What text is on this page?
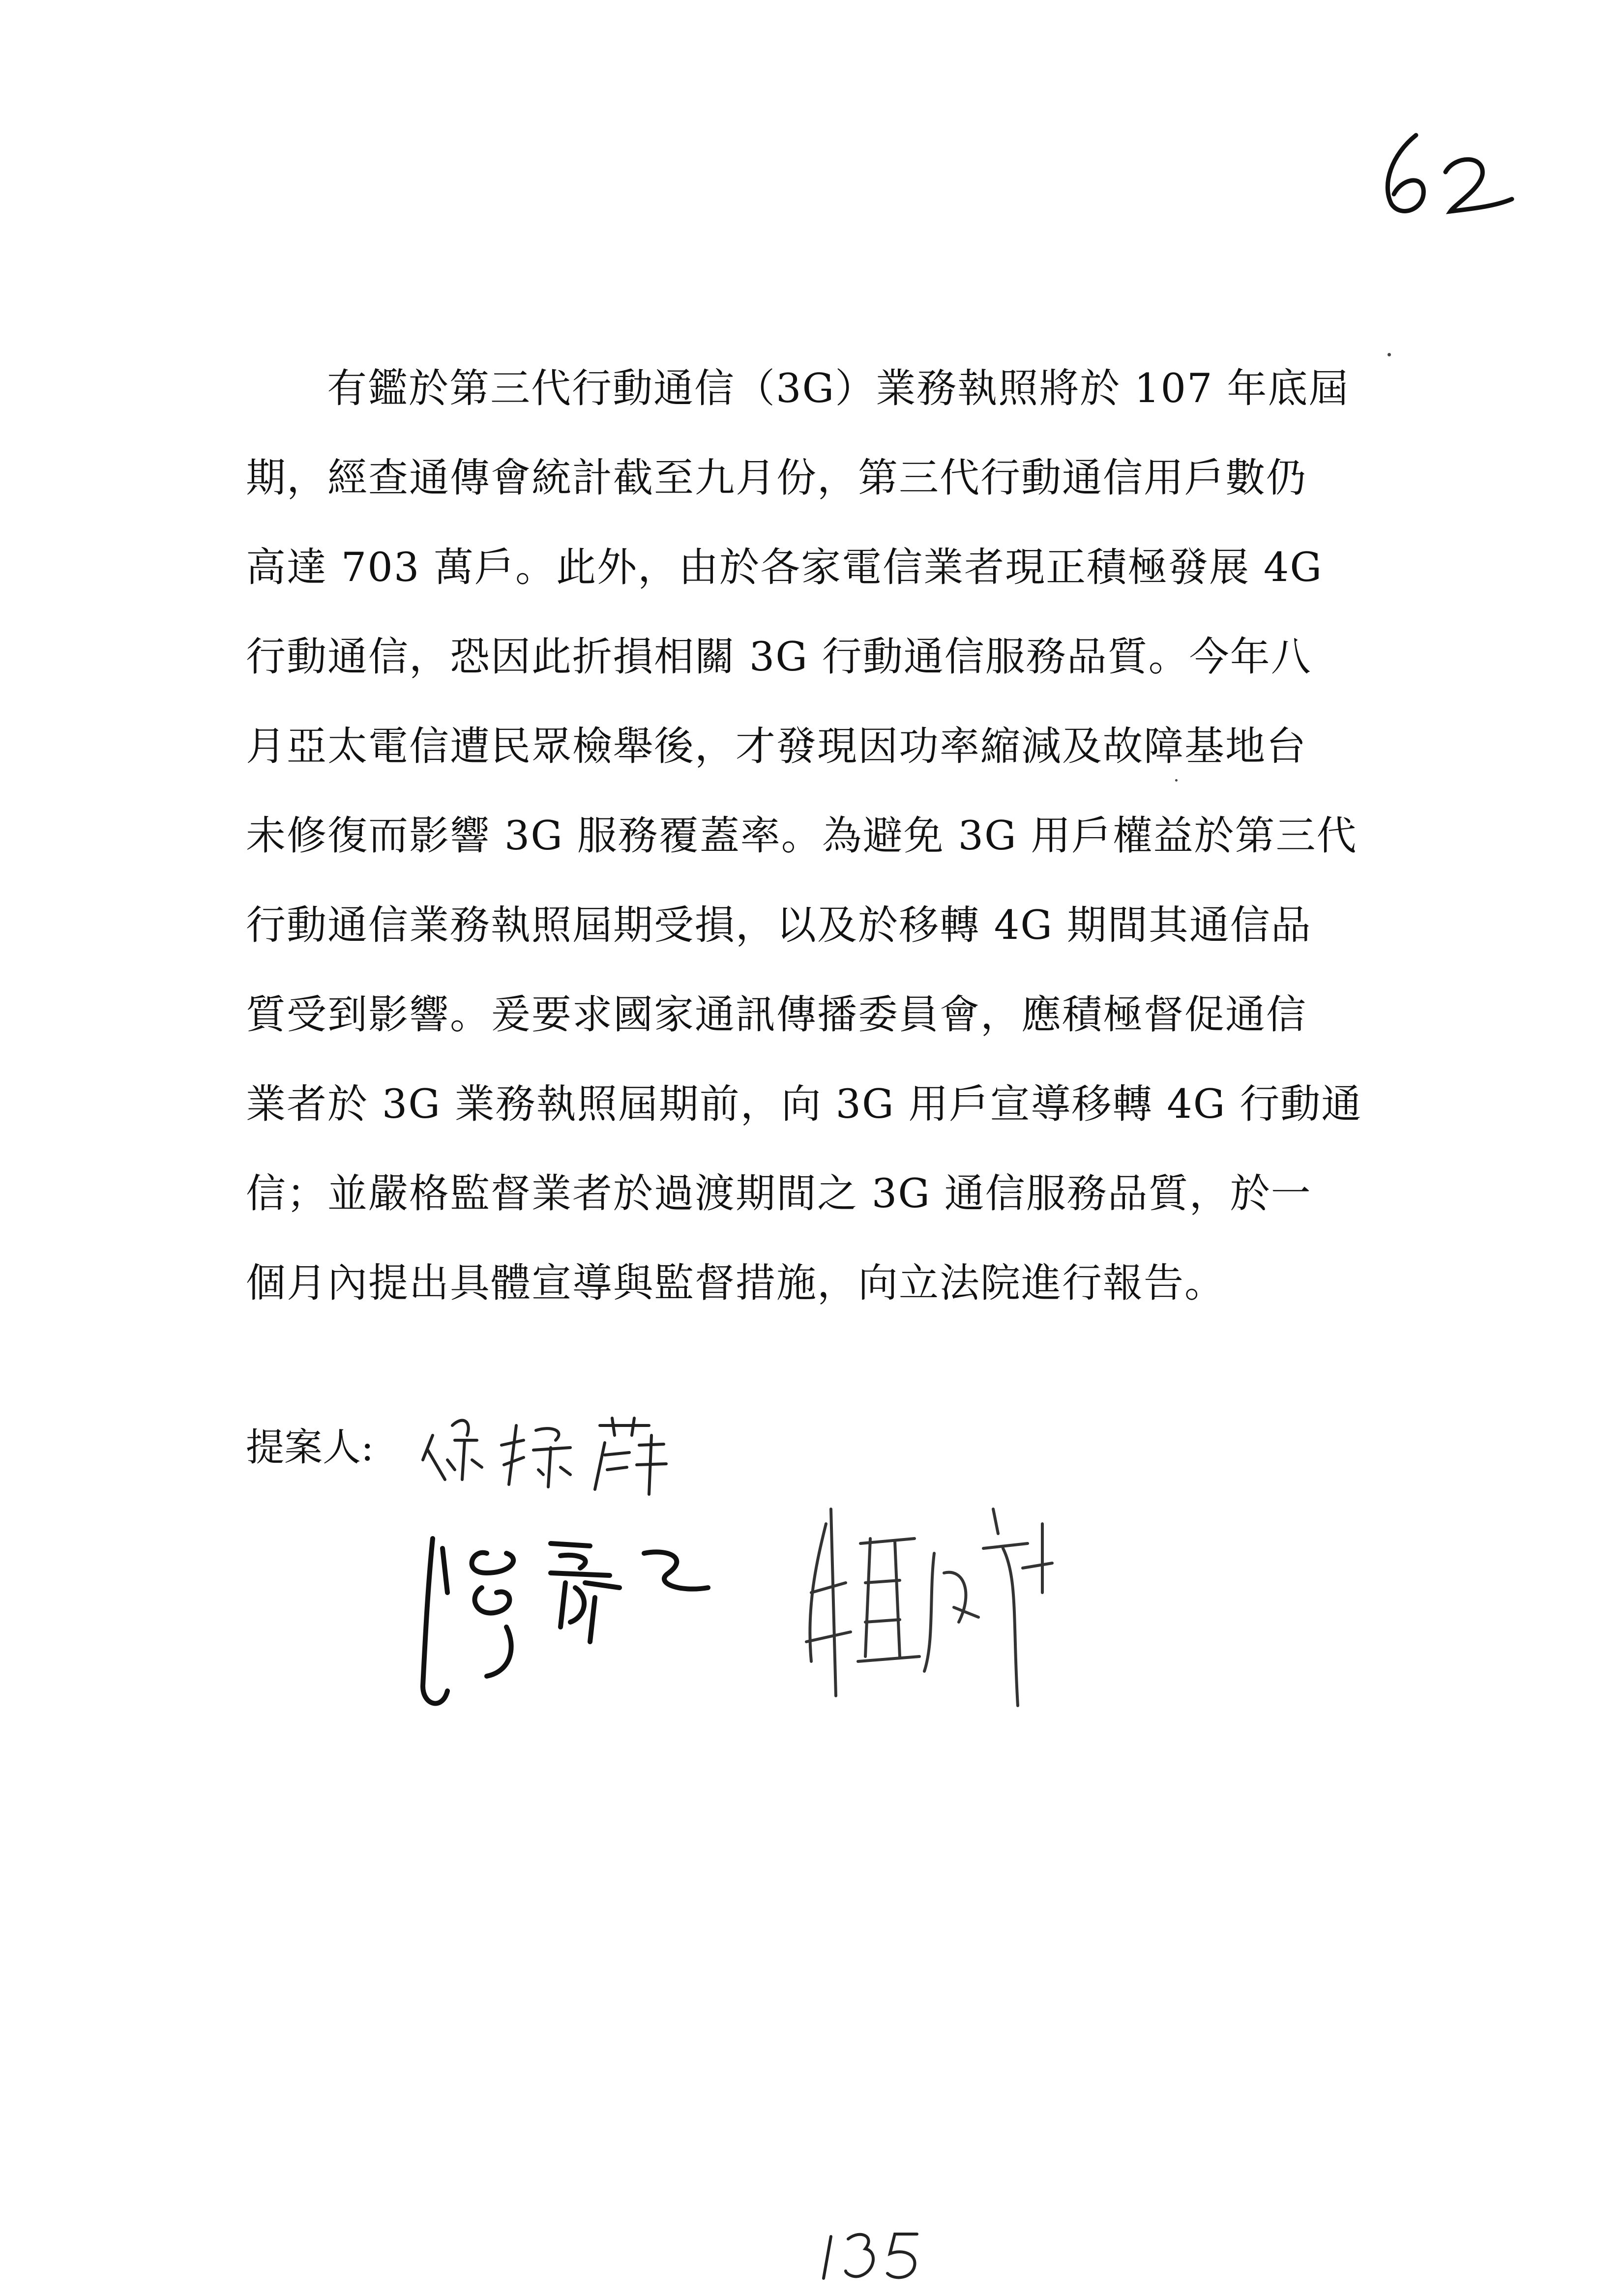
有鑑於第三代行動通信（3G）業務執照將於 107 年底屆
期，經查通傳會統計截至九月份，第三代行動通信用戶數仍
高達 703 萬戶。此外，由於各家電信業者現正積極發展 4G
行動通信，恐因此折損相關 3G 行動通信服務品質。今年八
月亞太電信遭民眾檢舉後，才發現因功率縮減及故障基地台
未修復而影響 3G 服務覆蓋率。為避免 3G 用戶權益於第三代
行動通信業務執照屆期受損，以及於移轉 4G 期間其通信品
質受到影響。爰要求國家通訊傳播委員會，應積極督促通信
業者於 3G 業務執照屆期前，向 3G 用戶宣導移轉 4G 行動通
信；並嚴格監督業者於過渡期間之 3G 通信服務品質，於一
個月內提出具體宣導與監督措施，向立法院進行報告。
提案人:
